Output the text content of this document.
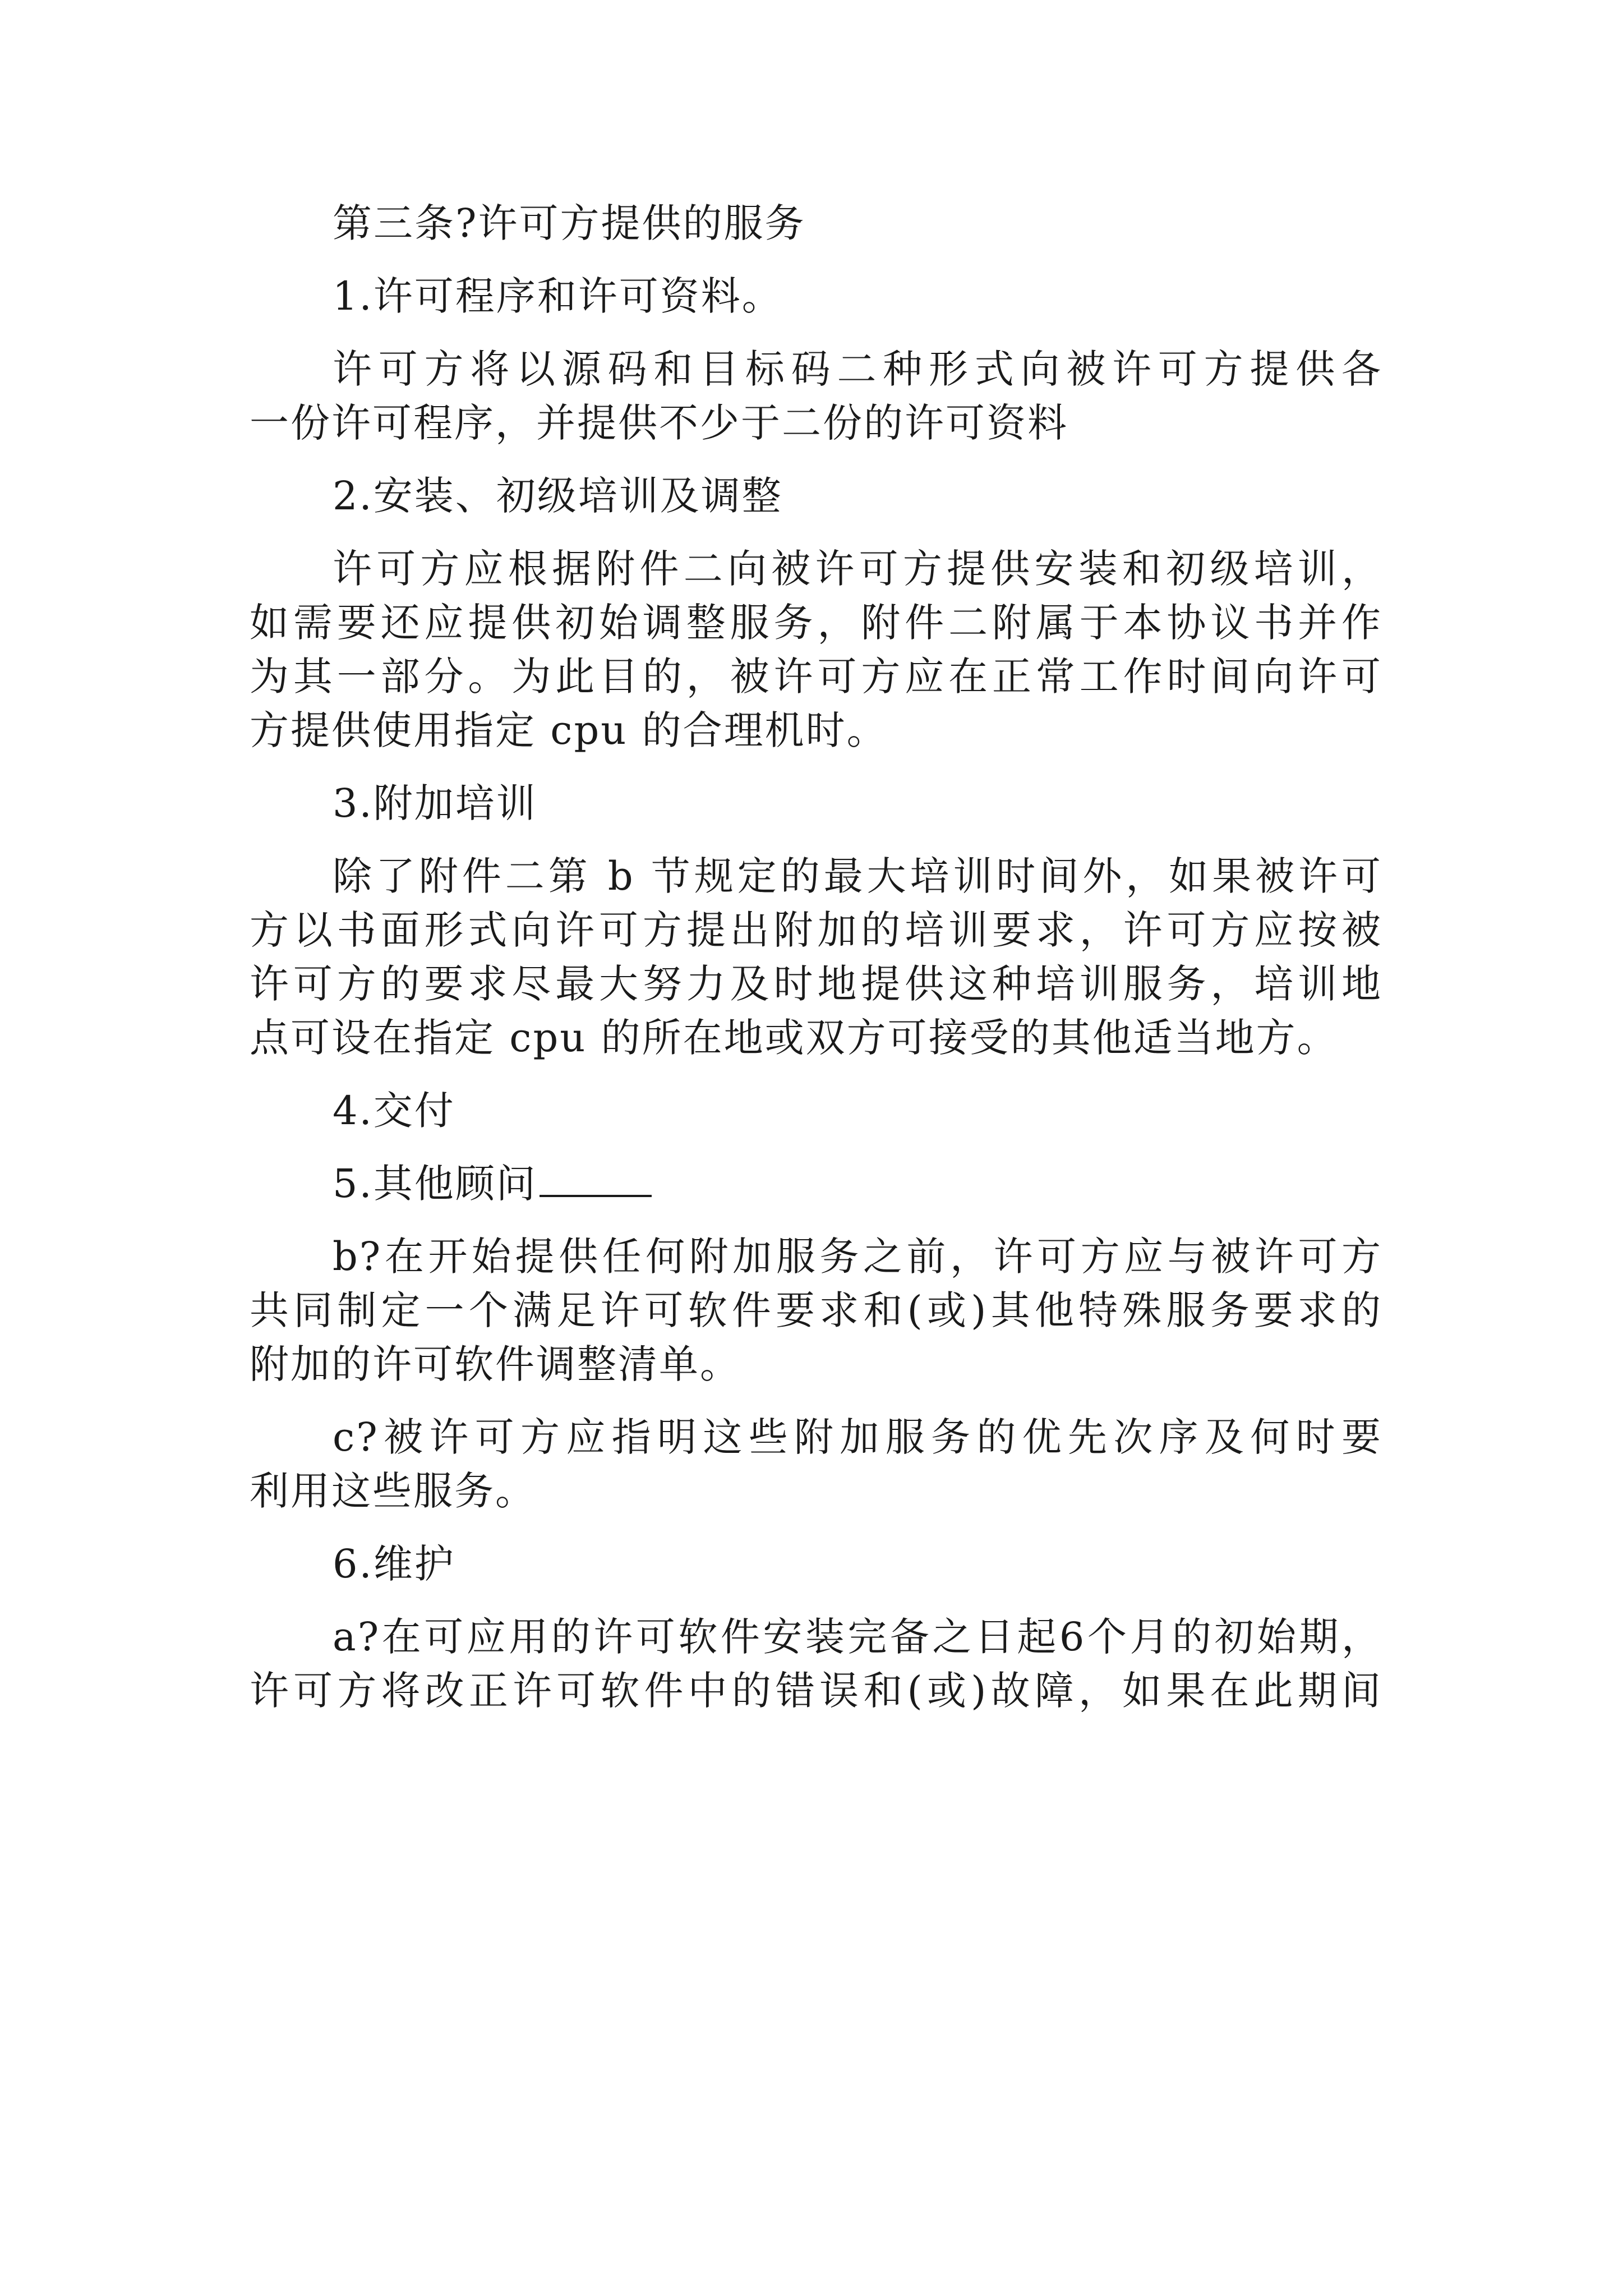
第三条?许可方提供的服务
1.许可程序和许可资料。
许可方将以源码和目标码二种形式向被许可方提供各
一份许可程序，并提供不少于二份的许可资料
2.安装、初级培训及调整
许可方应根据附件二向被许可方提供安装和初级培训，
如需要还应提供初始调整服务，附件二附属于本协议书并作
为其一部分。为此目的，被许可方应在正常工作时间向许可
方提供使用指定 cpu 的合理机时。
3.附加培训
除了附件二第 b 节规定的最大培训时间外，如果被许可
方以书面形式向许可方提出附加的培训要求，许可方应按被
许可方的要求尽最大努力及时地提供这种培训服务，培训地
点可设在指定 cpu 的所在地或双方可接受的其他适当地方。
4.交付
5.其他顾问
b?在开始提供任何附加服务之前，许可方应与被许可方
共同制定一个满足许可软件要求和(或)其他特殊服务要求的
附加的许可软件调整清单。
c?被许可方应指明这些附加服务的优先次序及何时要
利用这些服务。
6.维护
a?在可应用的许可软件安装完备之日起6个月的初始期，
许可方将改正许可软件中的错误和(或)故障，如果在此期间
